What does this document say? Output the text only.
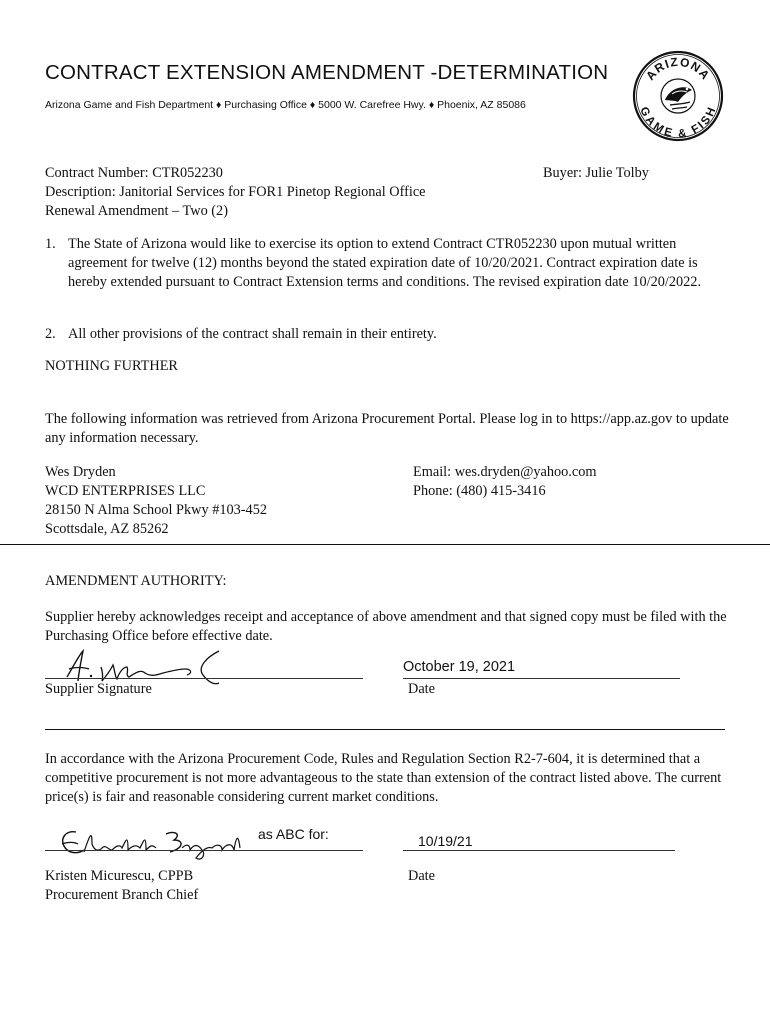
CONTRACT EXTENSION AMENDMENT -DETERMINATION
Arizona Game and Fish Department ♦ Purchasing Office ♦ 5000 W. Carefree Hwy. ♦ Phoenix, AZ 85086
ARIZONA
GAME & FISH
Contract Number: CTR052230
Description: Janitorial Services for FOR1 Pinetop Regional Office
Renewal Amendment – Two (2)
Buyer: Julie Tolby
1. The State of Arizona would like to exercise its option to extend Contract CTR052230 upon mutual written agreement for twelve (12) months beyond the stated expiration date of 10/20/2021. Contract expiration date is hereby extended pursuant to Contract Extension terms and conditions. The revised expiration date 10/20/2022.
2. All other provisions of the contract shall remain in their entirety.
NOTHING FURTHER
The following information was retrieved from Arizona Procurement Portal. Please log in to https://app.az.gov to update any information necessary.
Wes Dryden
WCD ENTERPRISES LLC
28150 N Alma School Pkwy #103-452
Scottsdale, AZ 85262
Email: wes.dryden@yahoo.com
Phone: (480) 415-3416
AMENDMENT AUTHORITY:
Supplier hereby acknowledges receipt and acceptance of above amendment and that signed copy must be filed with the Purchasing Office before effective date.
Supplier Signature
October 19, 2021
Date
In accordance with the Arizona Procurement Code, Rules and Regulation Section R2-7-604, it is determined that a competitive procurement is not more advantageous to the state than extension of the contract listed above. The current price(s) is fair and reasonable considering current market conditions.
as ABC for:	10/19/21
Kristen Micurescu, CPPB
Procurement Branch Chief
Date
